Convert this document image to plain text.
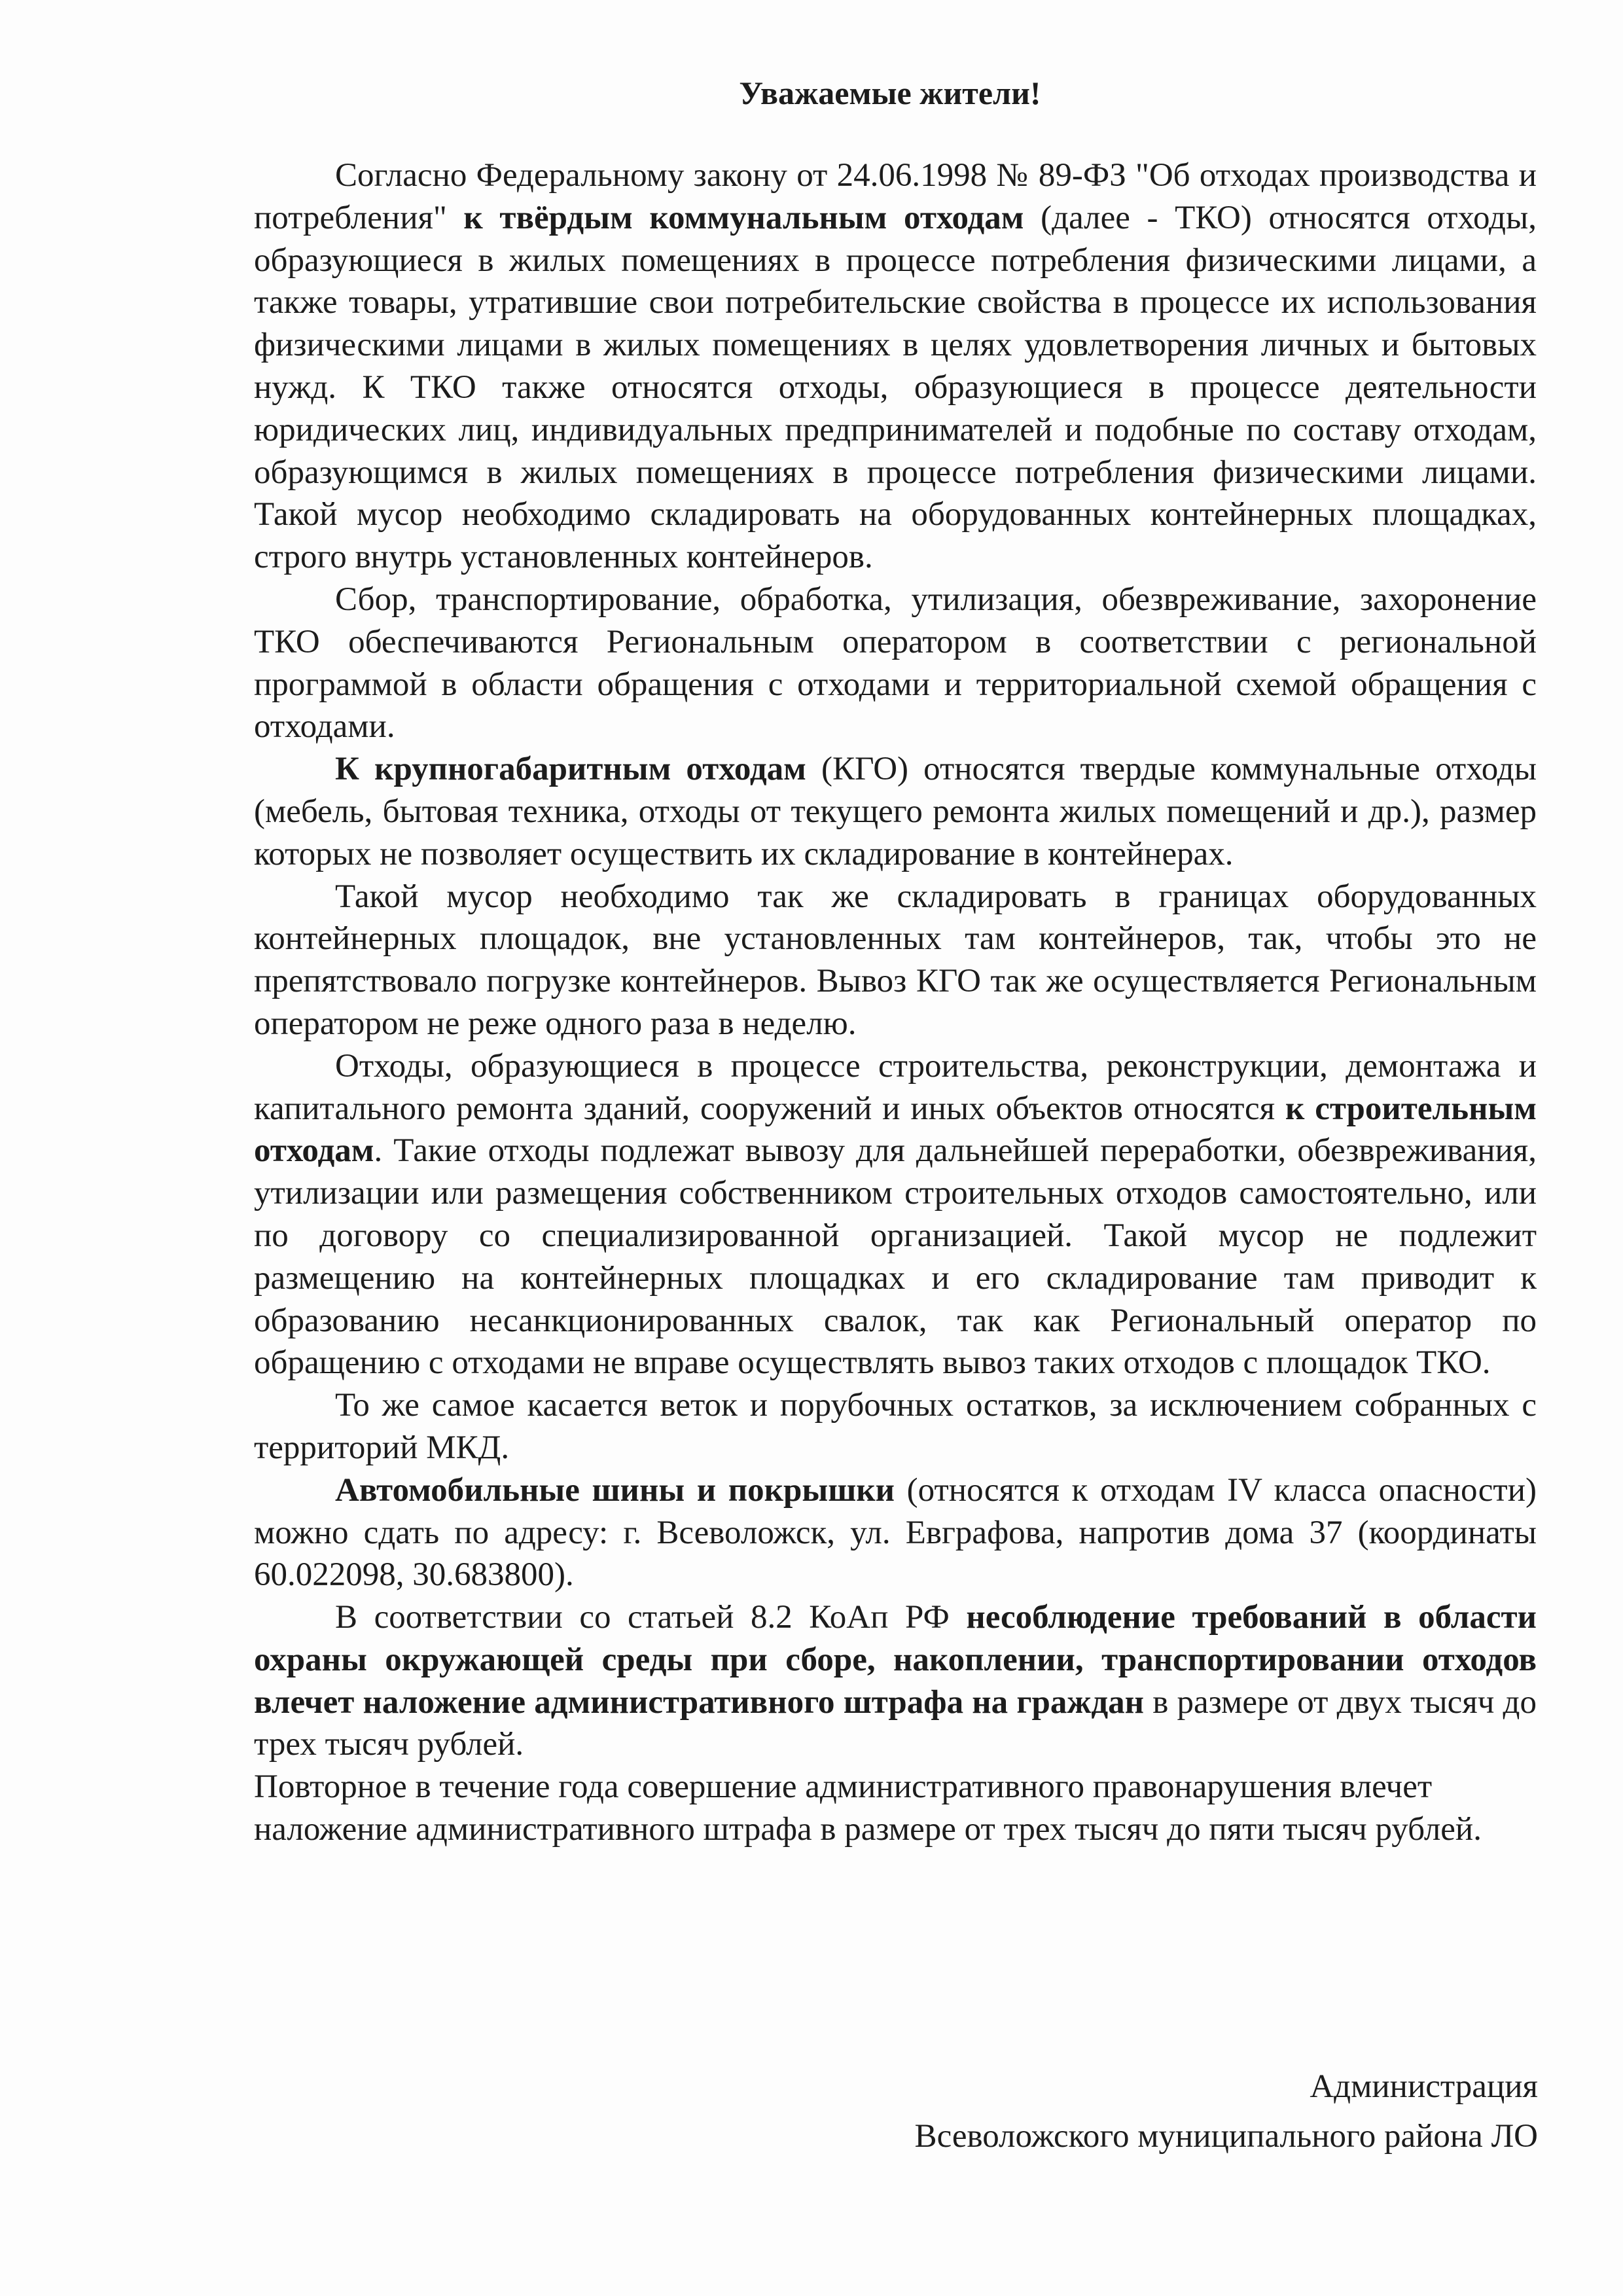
Уважаемые жители!

Согласно Федеральному закону от 24.06.1998 № 89-ФЗ "Об отходах производства и потребления" к твёрдым коммунальным отходам (далее - ТКО) относятся отходы, образующиеся в жилых помещениях в процессе потребления физическими лицами, а также товары, утратившие свои потребительские свойства в процессе их использования физическими лицами в жилых помещениях в целях удовлетворения личных и бытовых нужд. К ТКО также относятся отходы, образующиеся в процессе деятельности юридических лиц, индивидуальных предпринимателей и подобные по составу отходам, образующимся в жилых помещениях в процессе потребления физическими лицами. Такой мусор необходимо складировать на оборудованных контейнерных площадках, строго внутрь установленных контейнеров.

Сбор, транспортирование, обработка, утилизация, обезвреживание, захоронение ТКО обеспечиваются Региональным оператором в соответствии с региональной программой в области обращения с отходами и территориальной схемой обращения с отходами.

К крупногабаритным отходам (КГО) относятся твердые коммунальные отходы (мебель, бытовая техника, отходы от текущего ремонта жилых помещений и др.), размер которых не позволяет осуществить их складирование в контейнерах.

Такой мусор необходимо так же складировать в границах оборудованных контейнерных площадок, вне установленных там контейнеров, так, чтобы это не препятствовало погрузке контейнеров. Вывоз КГО так же осуществляется Региональным оператором не реже одного раза в неделю.

Отходы, образующиеся в процессе строительства, реконструкции, демонтажа и капитального ремонта зданий, сооружений и иных объектов относятся к строительным отходам. Такие отходы подлежат вывозу для дальнейшей переработки, обезвреживания, утилизации или размещения собственником строительных отходов самостоятельно, или по договору со специализированной организацией. Такой мусор не подлежит размещению на контейнерных площадках и его складирование там приводит к образованию несанкционированных свалок, так как Региональный оператор по обращению с отходами не вправе осуществлять вывоз таких отходов с площадок ТКО.

То же самое касается веток и порубочных остатков, за исключением собранных с территорий МКД.

Автомобильные шины и покрышки (относятся к отходам IV класса опасности) можно сдать по адресу: г. Всеволожск, ул. Евграфова, напротив дома 37 (координаты 60.022098, 30.683800).

В соответствии со статьей 8.2 КоАп РФ несоблюдение требований в области охраны окружающей среды при сборе, накоплении, транспортировании отходов влечет наложение административного штрафа на граждан в размере от двух тысяч до трех тысяч рублей.

Повторное в течение года совершение административного правонарушения влечет наложение административного штрафа в размере от трех тысяч до пяти тысяч рублей.

Администрация
Всеволожского муниципального района ЛО
